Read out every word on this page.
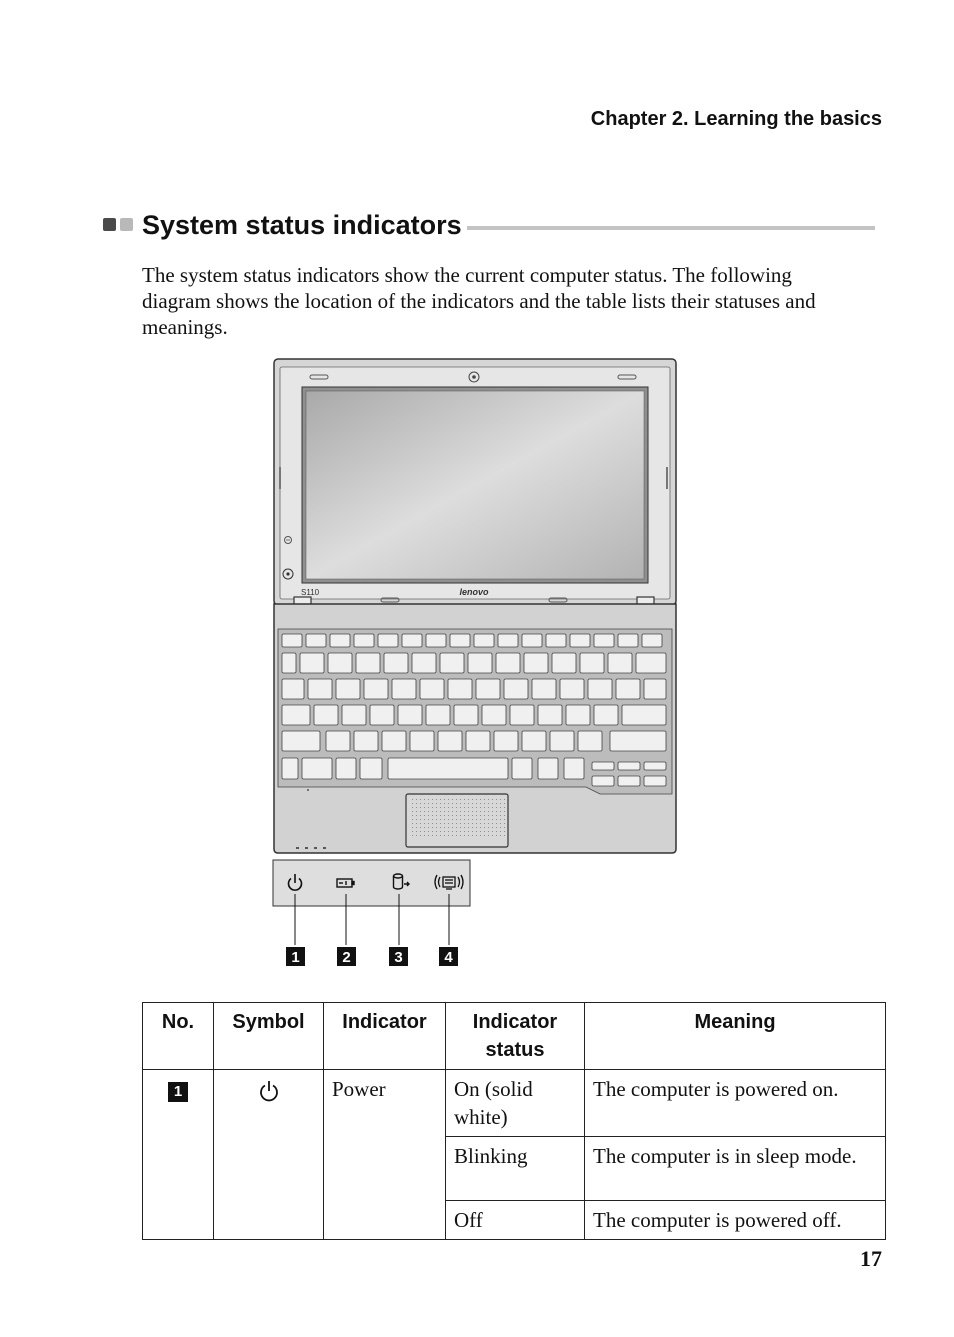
Chapter 2. Learning the basics
System status indicators

The system status indicators show the current computer status. The following diagram shows the location of the indicators and the table lists their statuses and meanings.

S110	lenovo
1	2	3	4
No.	Symbol	Indicator	Indicator status	Meaning
1		Power	On (solid white)	The computer is powered on.
			Blinking	The computer is in sleep mode.
			Off	The computer is powered off.
17
